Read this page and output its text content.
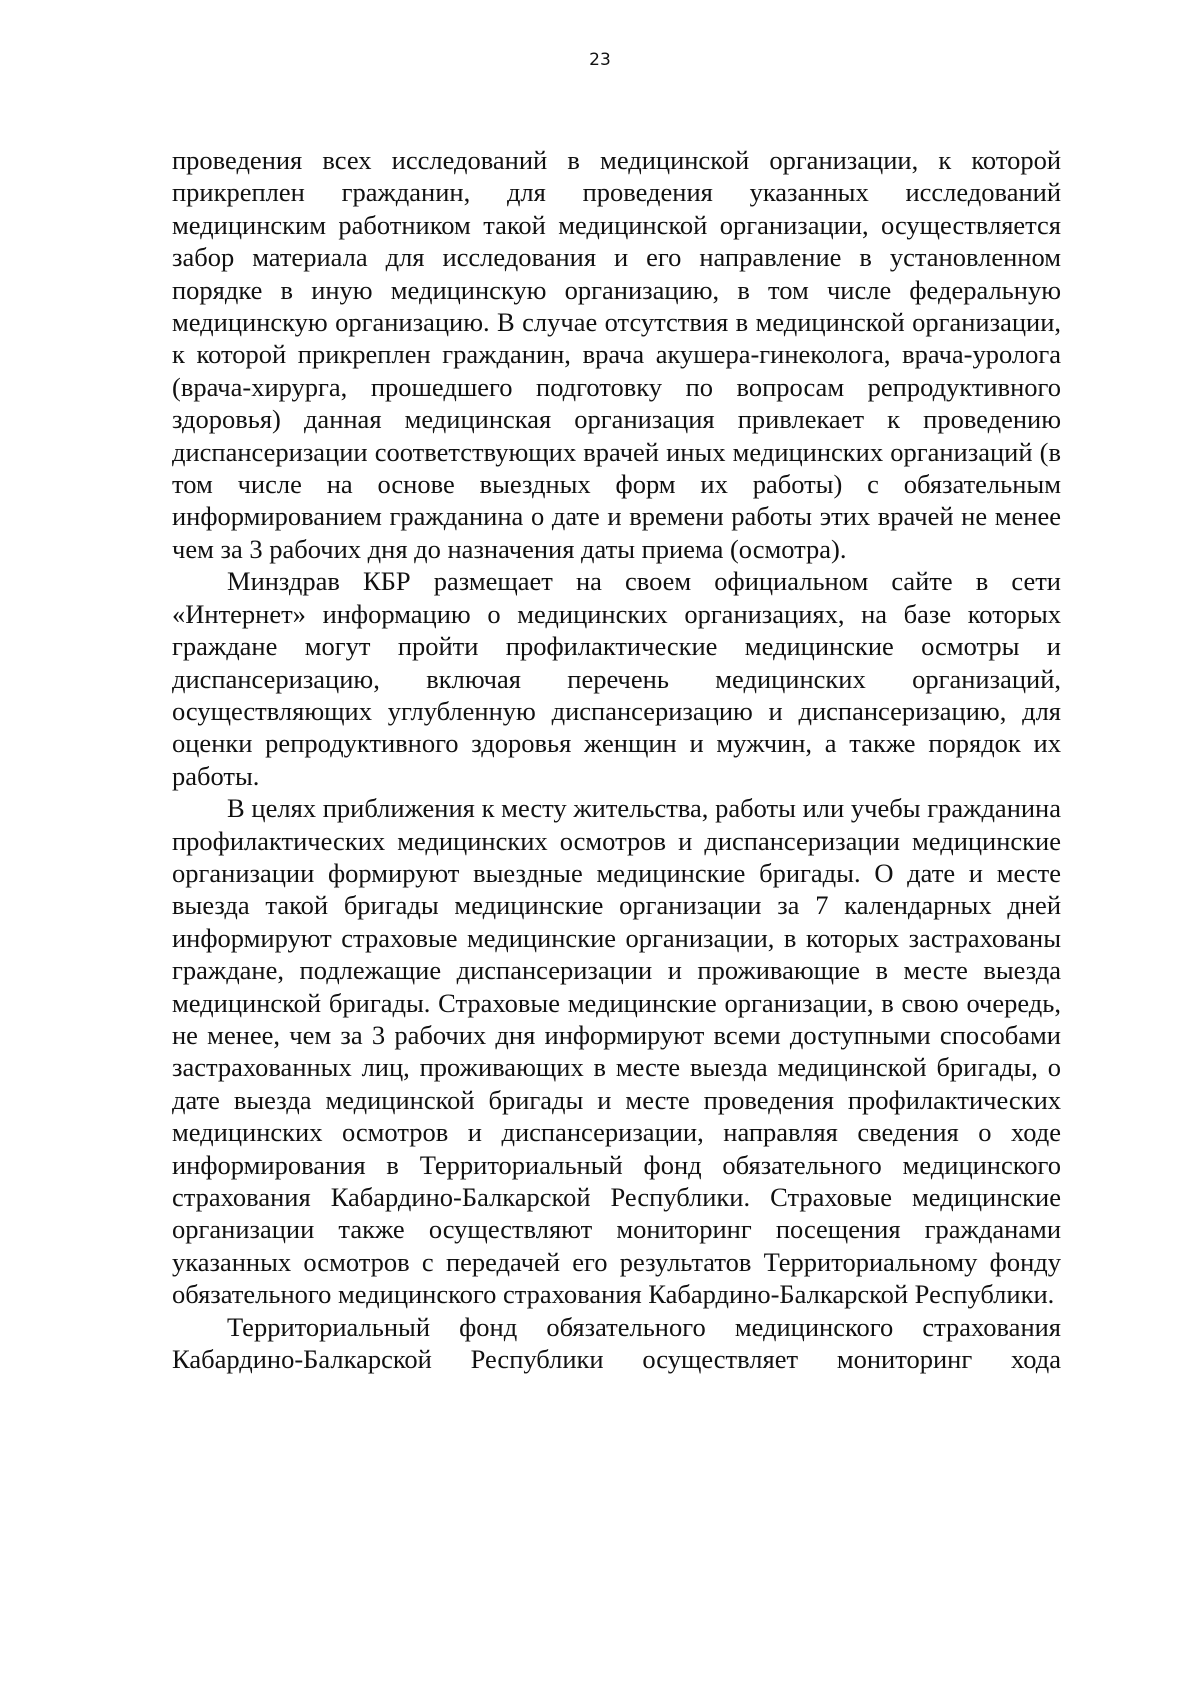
23

проведения всех исследований в медицинской организации, к которой прикреплен гражданин, для проведения указанных исследований медицинским работником такой медицинской организации, осуществляется забор материала для исследования и его направление в установленном порядке в иную медицинскую организацию, в том числе федеральную медицинскую организацию. В случае отсутствия в медицинской организации, к которой прикреплен гражданин, врача акушера-гинеколога, врача-уролога (врача-хирурга, прошедшего подготовку по вопросам репродуктивного здоровья) данная медицинская организация привлекает к проведению диспансеризации соответствующих врачей иных медицинских организаций (в том числе на основе выездных форм их работы) с обязательным информированием гражданина о дате и времени работы этих врачей не менее чем за 3 рабочих дня до назначения даты приема (осмотра).

Минздрав КБР размещает на своем официальном сайте в сети «Интернет» информацию о медицинских организациях, на базе которых граждане могут пройти профилактические медицинские осмотры и диспансеризацию, включая перечень медицинских организаций, осуществляющих углубленную диспансеризацию и диспансеризацию, для оценки репродуктивного здоровья женщин и мужчин, а также порядок их работы.

В целях приближения к месту жительства, работы или учебы гражданина профилактических медицинских осмотров и диспансеризации медицинские организации формируют выездные медицинские бригады. О дате и месте выезда такой бригады медицинские организации за 7 календарных дней информируют страховые медицинские организации, в которых застрахованы граждане, подлежащие диспансеризации и проживающие в месте выезда медицинской бригады. Страховые медицинские организации, в свою очередь, не менее, чем за 3 рабочих дня информируют всеми доступными способами застрахованных лиц, проживающих в месте выезда медицинской бригады, о дате выезда медицинской бригады и месте проведения профилактических медицинских осмотров и диспансеризации, направляя сведения о ходе информирования в Территориальный фонд обязательного медицинского страхования Кабардино-Балкарской Республики. Страховые медицинские организации также осуществляют мониторинг посещения гражданами указанных осмотров с передачей его результатов Территориальному фонду обязательного медицинского страхования Кабардино-Балкарской Республики.

Территориальный фонд обязательного медицинского страхования Кабардино-Балкарской Республики осуществляет мониторинг хода
